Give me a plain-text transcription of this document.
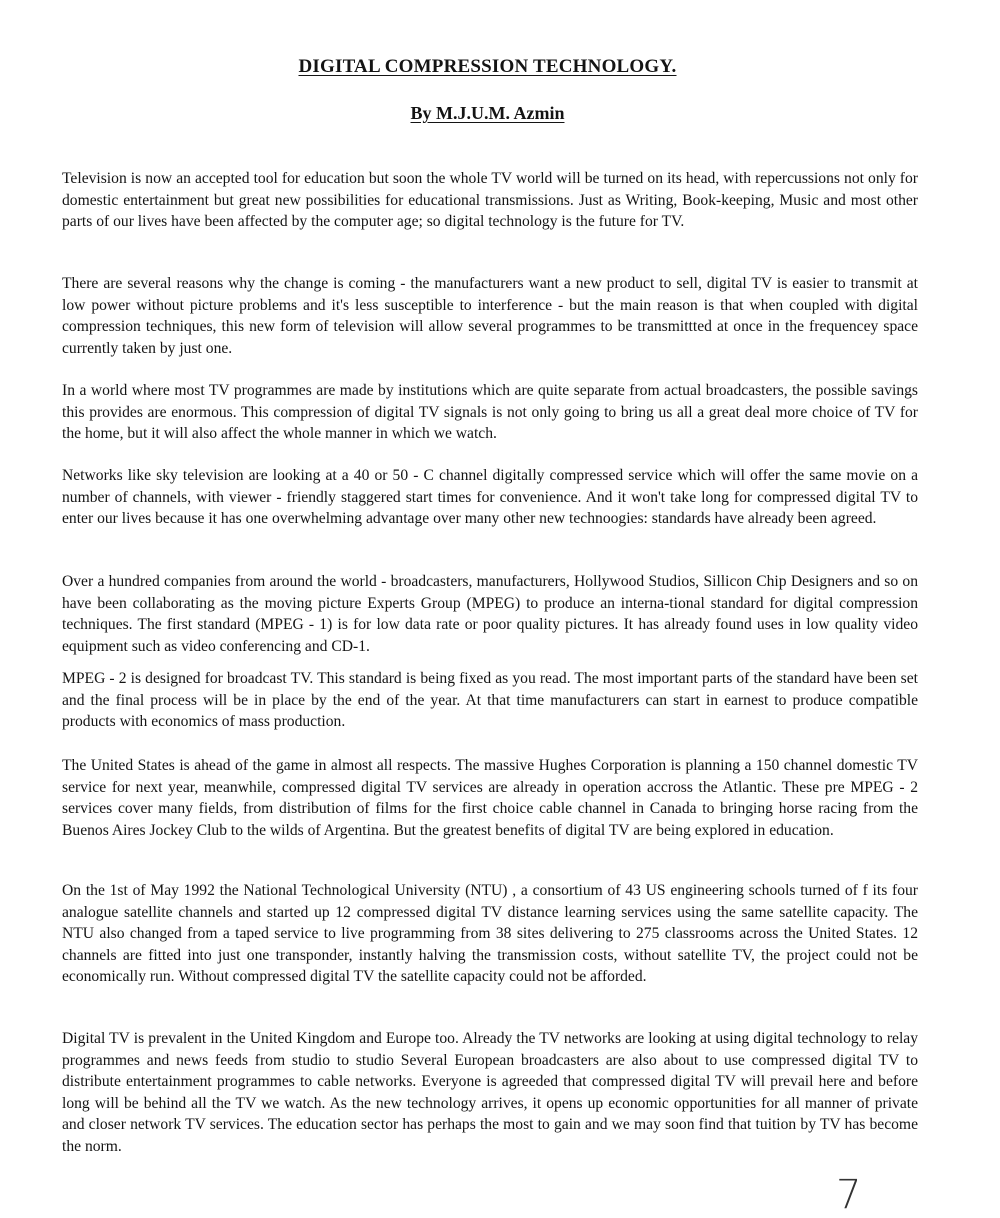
DIGITAL COMPRESSION TECHNOLOGY.
By M.J.U.M. Azmin

Television is now an accepted tool for education but soon the whole TV world will be turned on its head, with repercussions not only for domestic entertainment but great new possibilities for educational transmissions. Just as Writing, Book-keeping, Music and most other parts of our lives have been affected by the computer age; so digital technology is the future for TV.

There are several reasons why the change is coming - the manufacturers want a new product to sell, digital TV is easier to transmit at low power without picture problems and it's less susceptible to interference - but the main reason is that when coupled with digital compression techniques, this new form of television will allow several programmes to be transmittted at once in the frequencey space currently taken by just one.

In a world where most TV programmes are made by institutions which are quite separate from actual broadcasters, the possible savings this provides are enormous. This compression of digital TV signals is not only going to bring us all a great deal more choice of TV for the home, but it will also affect the whole manner in which we watch.

Networks like sky television are looking at a 40 or 50 - C channel digitally compressed service which will offer the same movie on a number of channels, with viewer - friendly staggered start times for convenience. And it won't take long for compressed digital TV to enter our lives because it has one overwhelming advantage over many other new technoogies: standards have already been agreed.

Over a hundred companies from around the world - broadcasters, manufacturers, Hollywood Studios, Sillicon Chip Designers and so on have been collaborating as the moving picture Experts Group (MPEG) to produce an interna-tional standard for digital compression techniques. The first standard (MPEG - 1) is for low data rate or poor quality pictures. It has already found uses in low quality video equipment such as video conferencing and CD-1.

MPEG - 2 is designed for broadcast TV. This standard is being fixed as you read. The most important parts of the standard have been set and the final process will be in place by the end of the year. At that time manufacturers can start in earnest to produce compatible products with economics of mass production.

The United States is ahead of the game in almost all respects. The massive Hughes Corporation is planning a 150 channel domestic TV service for next year, meanwhile, compressed digital TV services are already in operation accross the Atlantic. These pre MPEG - 2 services cover many fields, from distribution of films for the first choice cable channel in Canada to bringing horse racing from the Buenos Aires Jockey Club to the wilds of Argentina. But the greatest benefits of digital TV are being explored in education.

On the 1st of May 1992 the National Technological University (NTU) , a consortium of 43 US engineering schools turned of f its four analogue satellite channels and started up 12 compressed digital TV distance learning services using the same satellite capacity. The NTU also changed from a taped service to live programming from 38 sites delivering to 275 classrooms across the United States. 12 channels are fitted into just one transponder, instantly halving the transmission costs, without satellite TV, the project could not be economically run. Without compressed digital TV the satellite capacity could not be afforded.

Digital TV is prevalent in the United Kingdom and Europe too. Already the TV networks are looking at using digital technology to relay programmes and news feeds from studio to studio Several European broadcasters are also about to use compressed digital TV to distribute entertainment programmes to cable networks. Everyone is agreeded that compressed digital TV will prevail here and before long will be behind all the TV we watch. As the new technology arrives, it opens up economic opportunities for all manner of private and closer network TV services. The education sector has perhaps the most to gain and we may soon find that tuition by TV has become the norm.

7
